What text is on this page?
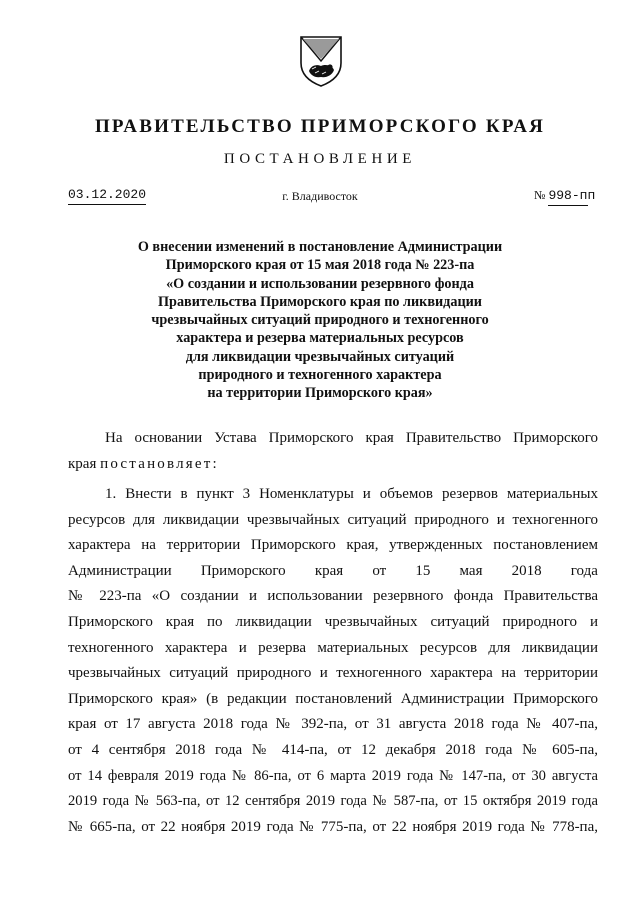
ПРАВИТЕЛЬСТВО ПРИМОРСКОГО КРАЯ
ПОСТАНОВЛЕНИЕ
03.12.2020	г. Владивосток	№ 998-пп
О внесении изменений в постановление Администрации
Приморского края от 15 мая 2018 года № 223-па
«О создании и использовании резервного фонда
Правительства Приморского края по ликвидации
чрезвычайных ситуаций природного и техногенного
характера и резерва материальных ресурсов
для ликвидации чрезвычайных ситуаций
природного и техногенного характера
на территории Приморского края»
На основании Устава Приморского края Правительство Приморского
края постановляет:
1. Внести в пункт 3 Номенклатуры и объемов резервов материальных
ресурсов для ликвидации чрезвычайных ситуаций природного и техногенного
характера на территории Приморского края, утвержденных постановлением
Администрации Приморского края от 15 мая 2018 года
№ 223-па «О создании и использовании резервного фонда Правительства
Приморского края по ликвидации чрезвычайных ситуаций природного и
техногенного характера и резерва материальных ресурсов для ликвидации
чрезвычайных ситуаций природного и техногенного характера на территории
Приморского края» (в редакции постановлений Администрации Приморского
края от 17 августа 2018 года № 392-па, от 31 августа 2018 года № 407-па,
от 4 сентября 2018 года № 414-па, от 12 декабря 2018 года № 605-па,
от 14 февраля 2019 года № 86-па, от 6 марта 2019 года № 147-па, от 30 августа
2019 года № 563-па, от 12 сентября 2019 года № 587-па, от 15 октября 2019 года
№ 665-па, от 22 ноября 2019 года № 775-па, от 22 ноября 2019 года № 778-па,
